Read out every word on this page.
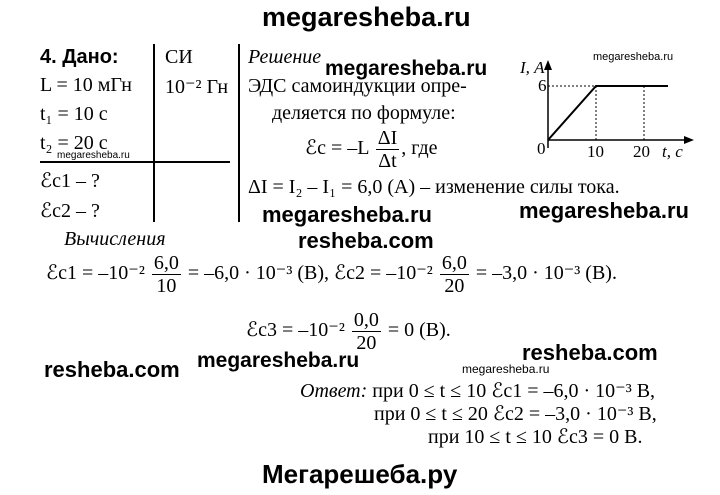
megaresheba.ru
megaresheba.ru	megaresheba.ru
megaresheba.ru
megaresheba.ru	megaresheba.ru
resheba.com
resheba.com megaresheba.ru	megaresheba.ru
resheba.com
Мегарешеба.ру
4. Дано:
L = 10 мГн
t₁ = 10 с
t₂ = 20 с
ℰc1 – ?
ℰc2 – ?
СИ
10⁻² Гн
Решение
ЭДС самоиндукции опре-
деляется по формуле:
ℰc = $-L \frac{\Delta I}{\Delta t}$ , где
ΔI = I₂ – I₁ = 6,0 (А) – изменение силы тока.
I, А
6
0 10 20 t, с
Вычисления
ℰc1 = $-10^{-2} \frac{6,0}{10} = -6,0 \cdot 10^{-3}$ (В), ℰc2 = $-10^{-2} \frac{6,0}{20} = -3,0 \cdot 10^{-3}$ (В).
ℰc3 = $-10^{-2} \frac{0,0}{20} = 0$ (В).
Ответ: при 0 ≤ t ≤ 10 ℰc1 = –6,0 · 10⁻³ В,
при 0 ≤ t ≤ 20 ℰc2 = –3,0 · 10⁻³ В,
при 10 ≤ t ≤ 10 ℰc3 = 0 В.
